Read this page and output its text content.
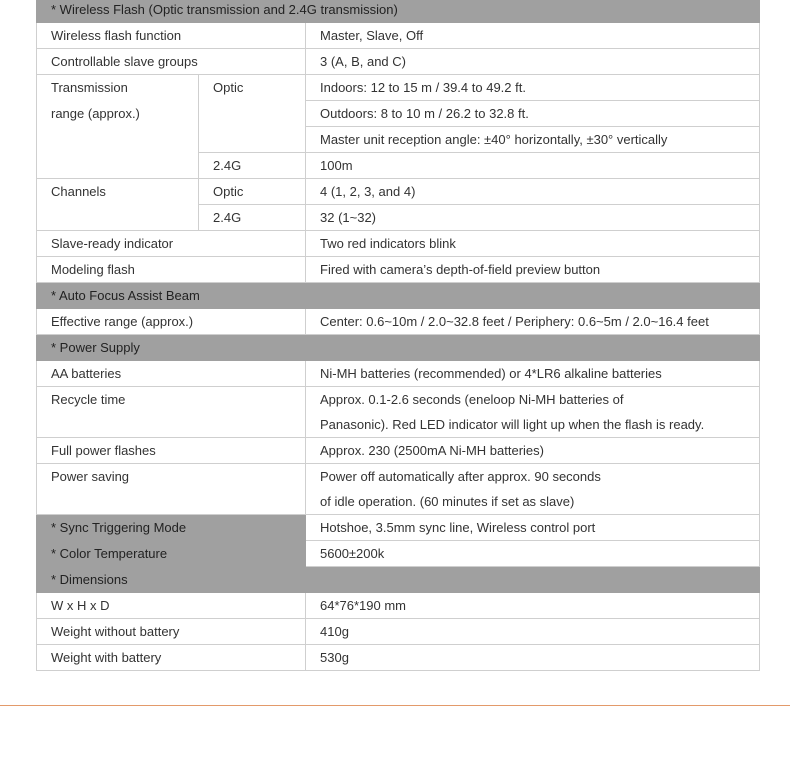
* Wireless Flash (Optic transmission and 2.4G transmission)		
Wireless flash function		Master, Slave, Off
Controllable slave groups		3 (A, B, and C)
Transmission	Optic	Indoors: 12 to 15 m / 39.4 to 49.2 ft.
range (approx.)		Outdoors: 8 to 10 m / 26.2 to 32.8 ft.
		Master unit reception angle: ±40° horizontally, ±30° vertically
	2.4G	100m
Channels	Optic	4 (1, 2, 3, and 4)
	2.4G	32 (1~32)
Slave-ready indicator		Two red indicators blink
Modeling flash		Fired with camera’s depth-of-field preview button
* Auto Focus Assist Beam		
Effective range (approx.)		Center: 0.6~10m / 2.0~32.8 feet / Periphery: 0.6~5m / 2.0~16.4 feet
* Power Supply		
AA batteries		Ni-MH batteries (recommended) or 4*LR6 alkaline batteries
Recycle time		Approx. 0.1-2.6 seconds (eneloop Ni-MH batteries of
		Panasonic). Red LED indicator will light up when the flash is ready.
Full power flashes		Approx. 230 (2500mA Ni-MH batteries)
Power saving		Power off automatically after approx. 90 seconds
		of idle operation. (60 minutes if set as slave)
* Sync Triggering Mode		Hotshoe, 3.5mm sync line, Wireless control port
* Color Temperature		5600±200k
* Dimensions		
W x H x D		64*76*190 mm
Weight without battery		410g
Weight with battery		530g
